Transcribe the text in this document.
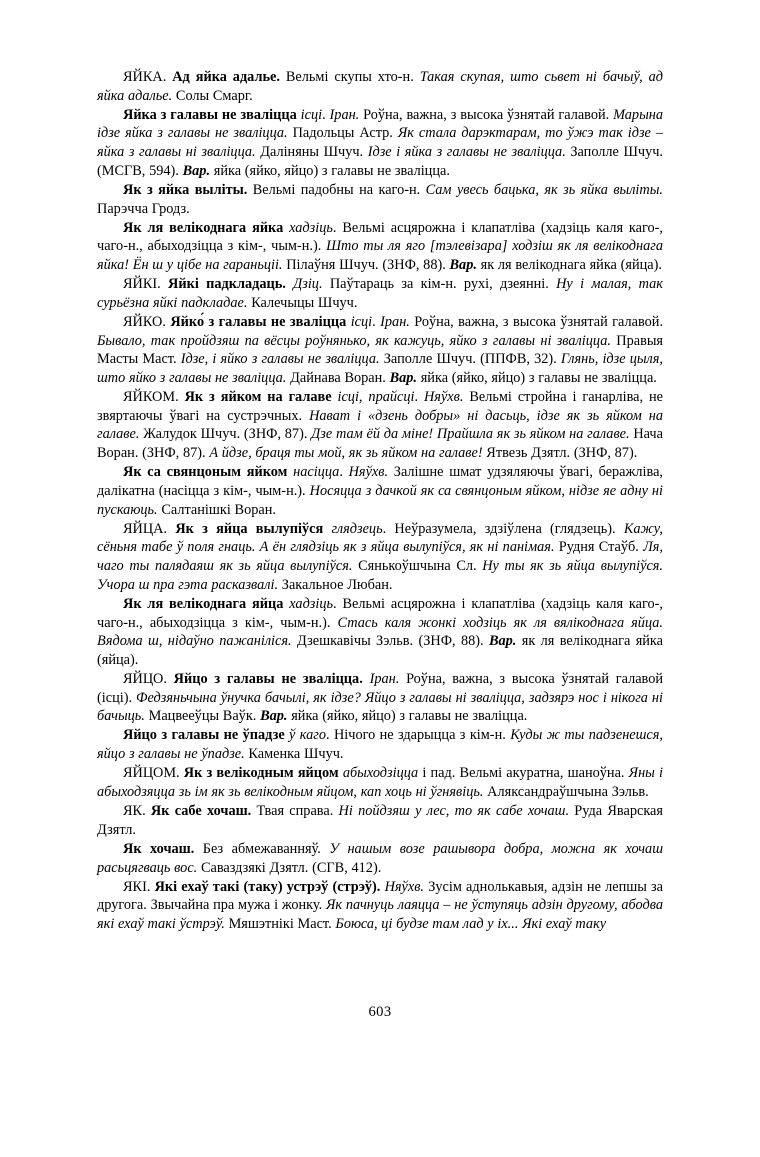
ЯЙКА. Ад яйка адалье. Вельмі скупы хто-н. Такая скупая, што сьвет ні бачыў, ад яйка адалье. Солы Смарг.

Яйка з галавы не зваліцца ісці. Іран. Роўна, важна, з высока ўзнятай галавой. Марына ідзе яйка з галавы не зваліцца. Падольцы Астр. Як стала дарэктарам, то ўжэ так ідзе – яйка з галавы ні зваліцца. Даліняны Шчуч. Ідзе і яйка з галавы не зваліцца. Заполле Шчуч. (МСГВ, 594). Вар. яйка (яйко, яйцо) з галавы не зваліцца.

Як з яйка выліты. Вельмі падобны на каго-н. Сам увесь бацька, як зь яйка выліты. Парэчча Гродз.

Як ля велікоднага яйка хадзіць. Вельмі асцярожна і клапатліва (хадзіць каля каго-, чаго-н., абыходзіцца з кім-, чым-н.). Што ты ля яго [тэлевізара] ходзіш як ля велікоднага яйка! Ён ш у цібе на гараньціі. Пілаўня Шчуч. (ЗНФ, 88). Вар. як ля велікоднага яйка (яйца).

ЯЙКІ. Яйкі падкладаць. Дзіц. Паўтараць за кім-н. рухі, дзеянні. Ну і малая, так сурьёзна яйкі падкладае. Калечыцы Шчуч.

ЯЙКО. Яйко́ з галавы не зваліцца ісці. Іран. Роўна, важна, з высока ўзнятай галавой. Бывало, так пройдзяш па вёсцы роўнянько, як кажуць, яйко з галавы ні зваліцца. Правыя Масты Маст. Ідзе, і яйко з галавы не зваліцца. Заполле Шчуч. (ППФВ, 32). Глянь, ідзе цыля, што яйко з галавы не зваліцца. Дайнава Воран. Вар. яйка (яйко, яйцо) з галавы не зваліцца.

ЯЙКОМ. Як з яйком на галаве ісці, прайсці. Няўхв. Вельмі стройна і ганарліва, не звяртаючы ўвагі на сустрэчных. Нават і «дзень добры» ні дасьць, ідзе як зь яйком на галаве. Жалудок Шчуч. (ЗНФ, 87). Дзе там ёй да міне! Прайшла як зь яйком на галаве. Нача Воран. (ЗНФ, 87). А йдзе, браця ты мой, як зь яйком на галаве! Ятвезь Дзятл. (ЗНФ, 87).

Як са свянцоным яйком насіцца. Няўхв. Залішне шмат удзяляючы ўвагі, беражліва, далікатна (насіцца з кім-, чым-н.). Носяцца з дачкой як са свянцоным яйком, нідзе яе адну ні пускаюць. Салтанішкі Воран.

ЯЙЦА. Як з яйца вылупіўся глядзець. Неўразумела, здзіўлена (глядзець). Кажу, сёньня табе ў поля гнаць. А ён глядзіць як з яйца вылупіўся, як ні панімая. Рудня Стаўб. Ля, чаго ты палядаяш як зь яйца вылупіўся. Сянькоўшчына Сл. Ну ты як зь яйца вылупіўся. Учора ш пра гэта расказвалі. Закальное Любан.

Як ля велікоднага яйца хадзіць. Вельмі асцярожна і клапатліва (хадзіць каля каго-, чаго-н., абыходзіцца з кім-, чым-н.). Стась каля жонкі ходзіць як ля вялікоднага яйца. Вядома ш, нідаўно пажаніліся. Дзешкавічы Зэльв. (ЗНФ, 88). Вар. як ля велікоднага яйка (яйца).

ЯЙЦО. Яйцо з галавы не зваліцца. Іран. Роўна, важна, з высока ўзнятай галавой (ісці). Федзяньчына ўнучка бачылі, як ідзе? Яйцо з галавы ні зваліцца, задзярэ нос і нікога ні бачыць. Мацвееўцы Ваўк. Вар. яйка (яйко, яйцо) з галавы не зваліцца.

Яйцо з галавы не ўпадзе ў каго. Нічого не здарыцца з кім-н. Куды ж ты падзенешся, яйцо з галавы не ўпадзе. Каменка Шчуч.

ЯЙЦОМ. Як з велікодным яйцом абыходзіцца і пад. Вельмі акуратна, шаноўна. Яны і абыходзяцца зь ім як зь велікодным яйцом, кап хоць ні ўгнявіць. Аляксандраўшчына Зэльв.

ЯК. Як сабе хочаш. Твая справа. Ні пойдзяш у лес, то як сабе хочаш. Руда Яварская Дзятл.

Як хочаш. Без абмежаванняў. У нашым возе рашывора добра, можна як хочаш расьцягваць вос. Саваздзякі Дзятл. (СГВ, 412).

ЯКІ. Які ехаў такі (таку) устрэў (стрэў). Няўхв. Зусім аднолькавыя, адзін не лепшы за другога. Звычайна пра мужа і жонку. Як пачнуць лаяцца – не ўступяць адзін другому, абодва які ехаў такі ўстрэў. Мяшэтнікі Маст. Боюса, ці будзе там лад у іх... Які ехаў таку

603
